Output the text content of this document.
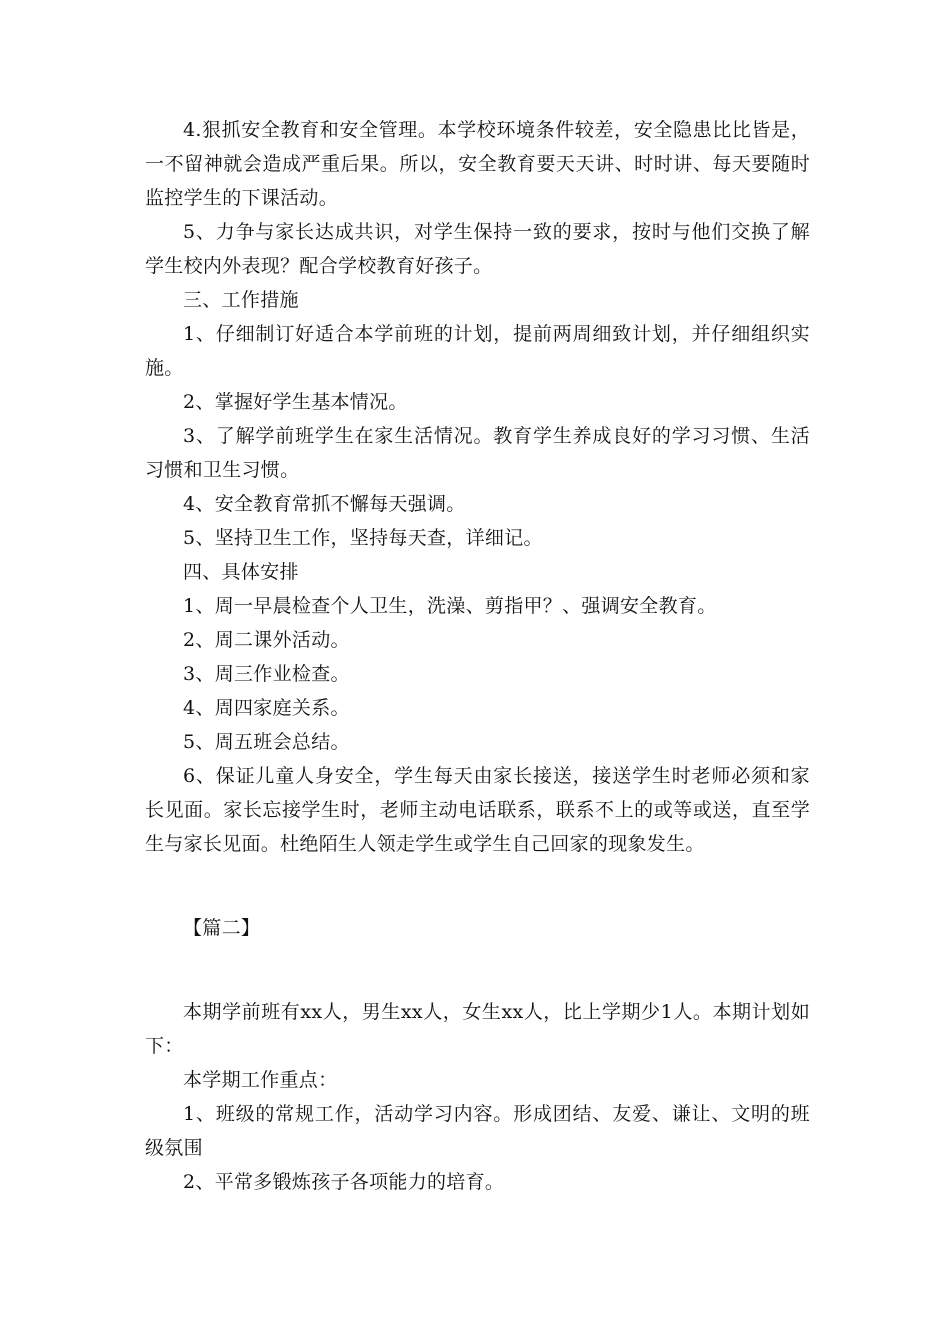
4.狠抓安全教育和安全管理。本学校环境条件较差，安全隐患比比皆是，一不留神就会造成严重后果。所以，安全教育要天天讲、时时讲、每天要随时监控学生的下课活动。

5、力争与家长达成共识，对学生保持一致的要求，按时与他们交换了解学生校内外表现？配合学校教育好孩子。

三、工作措施

1、仔细制订好适合本学前班的计划，提前两周细致计划，并仔细组织实施。

2、掌握好学生基本情况。

3、了解学前班学生在家生活情况。教育学生养成良好的学习习惯、生活习惯和卫生习惯。

4、安全教育常抓不懈每天强调。

5、坚持卫生工作，坚持每天查，详细记。

四、具体安排

1、周一早晨检查个人卫生，洗澡、剪指甲？、强调安全教育。

2、周二课外活动。

3、周三作业检查。

4、周四家庭关系。

5、周五班会总结。

6、保证儿童人身安全，学生每天由家长接送，接送学生时老师必须和家长见面。家长忘接学生时，老师主动电话联系，联系不上的或等或送，直至学生与家长见面。杜绝陌生人领走学生或学生自己回家的现象发生。

【篇二】

本期学前班有xx人，男生xx人，女生xx人，比上学期少1人。本期计划如下：

本学期工作重点：

1、班级的常规工作，活动学习内容。形成团结、友爱、谦让、文明的班级氛围

2、平常多锻炼孩子各项能力的培育。
